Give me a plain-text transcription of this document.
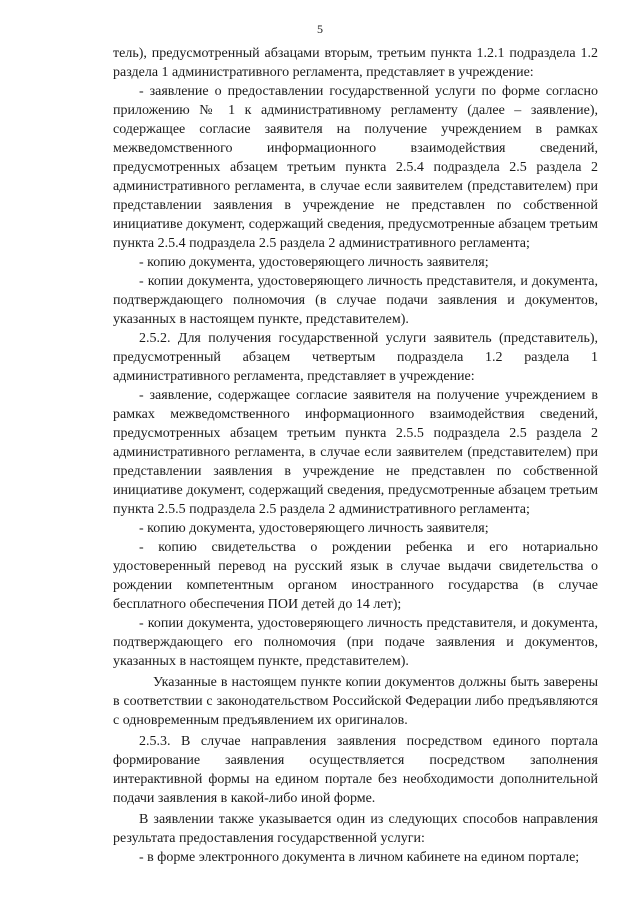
5

тель), предусмотренный абзацами вторым, третьим пункта 1.2.1 подраздела 1.2 раздела 1 административного регламента, представляет в учреждение:

- заявление о предоставлении государственной услуги по форме согласно приложению № 1 к административному регламенту (далее – заявление), содержащее согласие заявителя на получение учреждением в рамках межведомственного информационного взаимодействия сведений, предусмотренных абзацем третьим пункта 2.5.4 подраздела 2.5 раздела 2 административного регламента, в случае если заявителем (представителем) при представлении заявления в учреждение не представлен по собственной инициативе документ, содержащий сведения, предусмотренные абзацем третьим пункта 2.5.4 подраздела 2.5 раздела 2 административного регламента;

- копию документа, удостоверяющего личность заявителя;

- копии документа, удостоверяющего личность представителя, и документа, подтверждающего полномочия (в случае подачи заявления и документов, указанных в настоящем пункте, представителем).

2.5.2. Для получения государственной услуги заявитель (представитель), предусмотренный абзацем четвертым подраздела 1.2 раздела 1 административного регламента, представляет в учреждение:

- заявление, содержащее согласие заявителя на получение учреждением в рамках межведомственного информационного взаимодействия сведений, предусмотренных абзацем третьим пункта 2.5.5 подраздела 2.5 раздела 2 административного регламента, в случае если заявителем (представителем) при представлении заявления в учреждение не представлен по собственной инициативе документ, содержащий сведения, предусмотренные абзацем третьим пункта 2.5.5 подраздела 2.5 раздела 2 административного регламента;

- копию документа, удостоверяющего личность заявителя;

- копию свидетельства о рождении ребенка и его нотариально удостоверенный перевод на русский язык в случае выдачи свидетельства о рождении компетентным органом иностранного государства (в случае бесплатного обеспечения ПОИ детей до 14 лет);

- копии документа, удостоверяющего личность представителя, и документа, подтверждающего его полномочия (при подаче заявления и документов, указанных в настоящем пункте, представителем).

Указанные в настоящем пункте копии документов должны быть заверены в соответствии с законодательством Российской Федерации либо предъявляются с одновременным предъявлением их оригиналов.

2.5.3. В случае направления заявления посредством единого портала формирование заявления осуществляется посредством заполнения интерактивной формы на едином портале без необходимости дополнительной подачи заявления в какой-либо иной форме.

В заявлении также указывается один из следующих способов направления результата предоставления государственной услуги:

- в форме электронного документа в личном кабинете на едином портале;
